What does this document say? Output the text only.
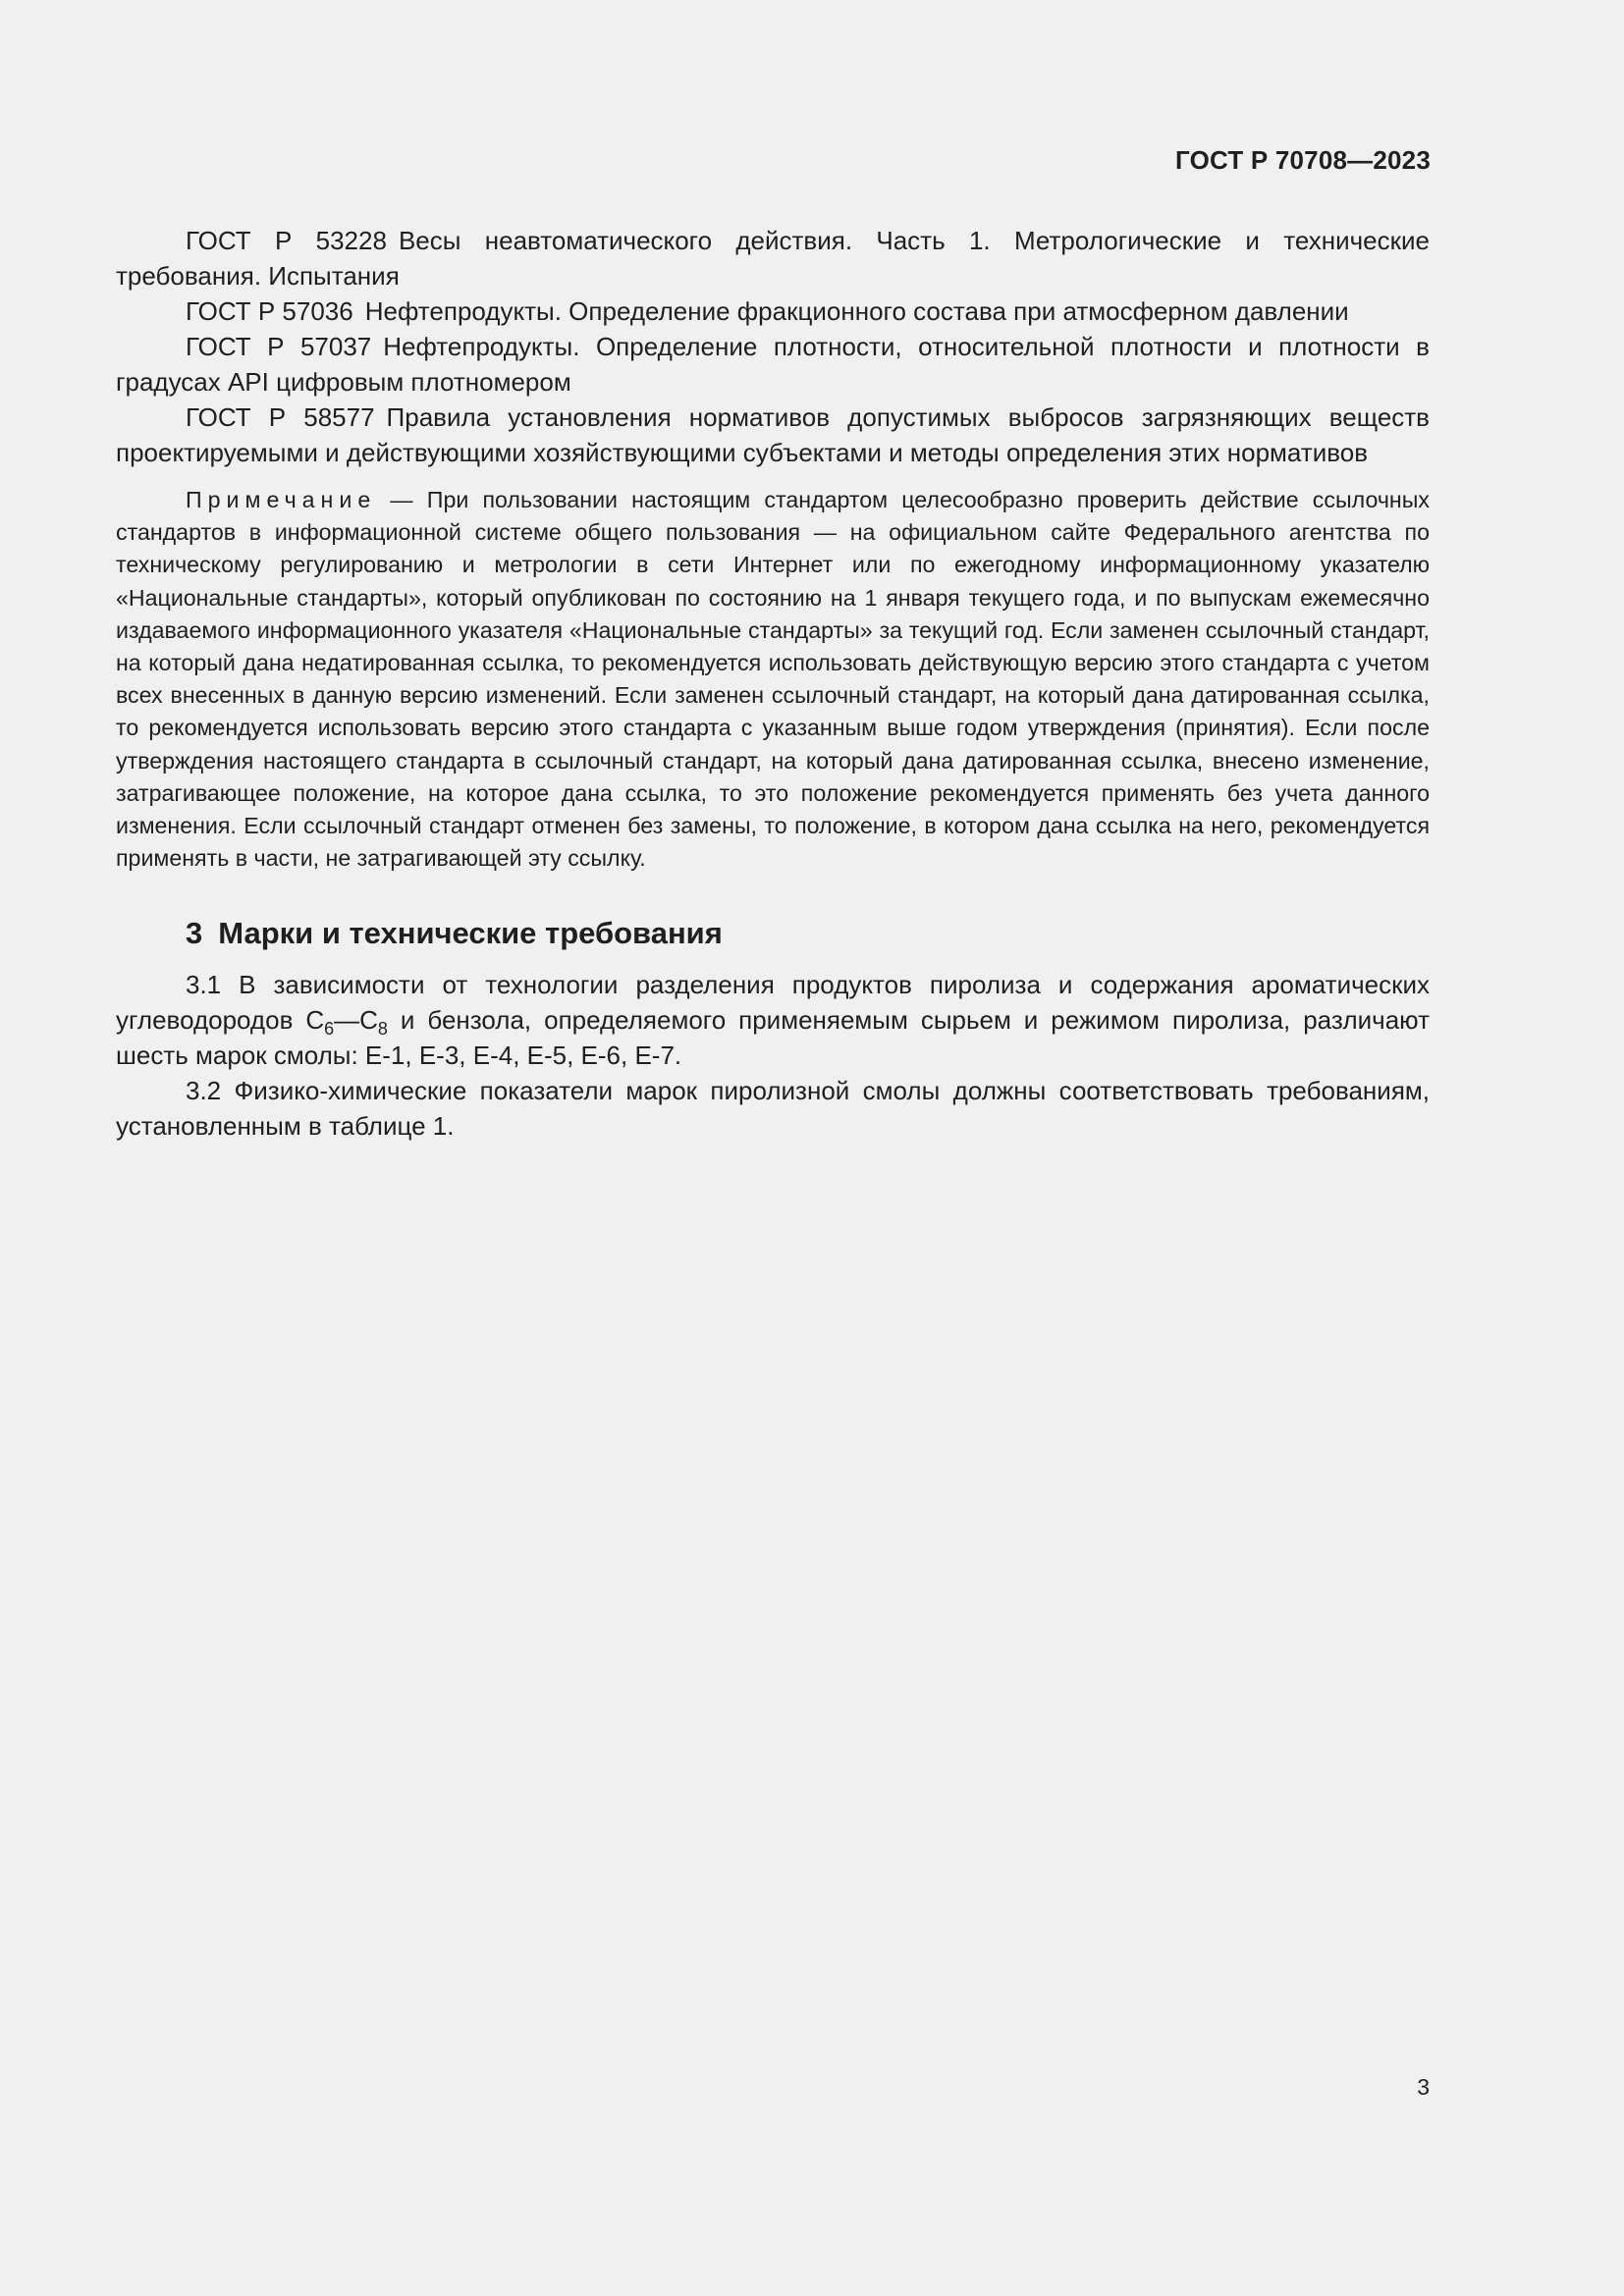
ГОСТ Р 70708—2023

ГОСТ Р 53228 Весы неавтоматического действия. Часть 1. Метрологические и технические требования. Испытания

ГОСТ Р 57036 Нефтепродукты. Определение фракционного состава при атмосферном давлении

ГОСТ Р 57037 Нефтепродукты. Определение плотности, относительной плотности и плотности в градусах API цифровым плотномером

ГОСТ Р 58577 Правила установления нормативов допустимых выбросов загрязняющих веществ проектируемыми и действующими хозяйствующими субъектами и методы определения этих нормативов

Примечание — При пользовании настоящим стандартом целесообразно проверить действие ссылочных стандартов в информационной системе общего пользования — на официальном сайте Федерального агентства по техническому регулированию и метрологии в сети Интернет или по ежегодному информационному указателю «Национальные стандарты», который опубликован по состоянию на 1 января текущего года, и по выпускам ежемесячно издаваемого информационного указателя «Национальные стандарты» за текущий год. Если заменен ссылочный стандарт, на который дана недатированная ссылка, то рекомендуется использовать действующую версию этого стандарта с учетом всех внесенных в данную версию изменений. Если заменен ссылочный стандарт, на который дана датированная ссылка, то рекомендуется использовать версию этого стандарта с указанным выше годом утверждения (принятия). Если после утверждения настоящего стандарта в ссылочный стандарт, на который дана датированная ссылка, внесено изменение, затрагивающее положение, на которое дана ссылка, то это положение рекомендуется применять без учета данного изменения. Если ссылочный стандарт отменен без замены, то положение, в котором дана ссылка на него, рекомендуется применять в части, не затрагивающей эту ссылку.
3 Марки и технические требования

3.1 В зависимости от технологии разделения продуктов пиролиза и содержания ароматических углеводородов $С_6—С_8$ и бензола, определяемого применяемым сырьем и режимом пиролиза, различают шесть марок смолы: Е-1, Е-3, Е-4, Е-5, Е-6, Е-7.

3.2 Физико-химические показатели марок пиролизной смолы должны соответствовать требованиям, установленным в таблице 1.

3
